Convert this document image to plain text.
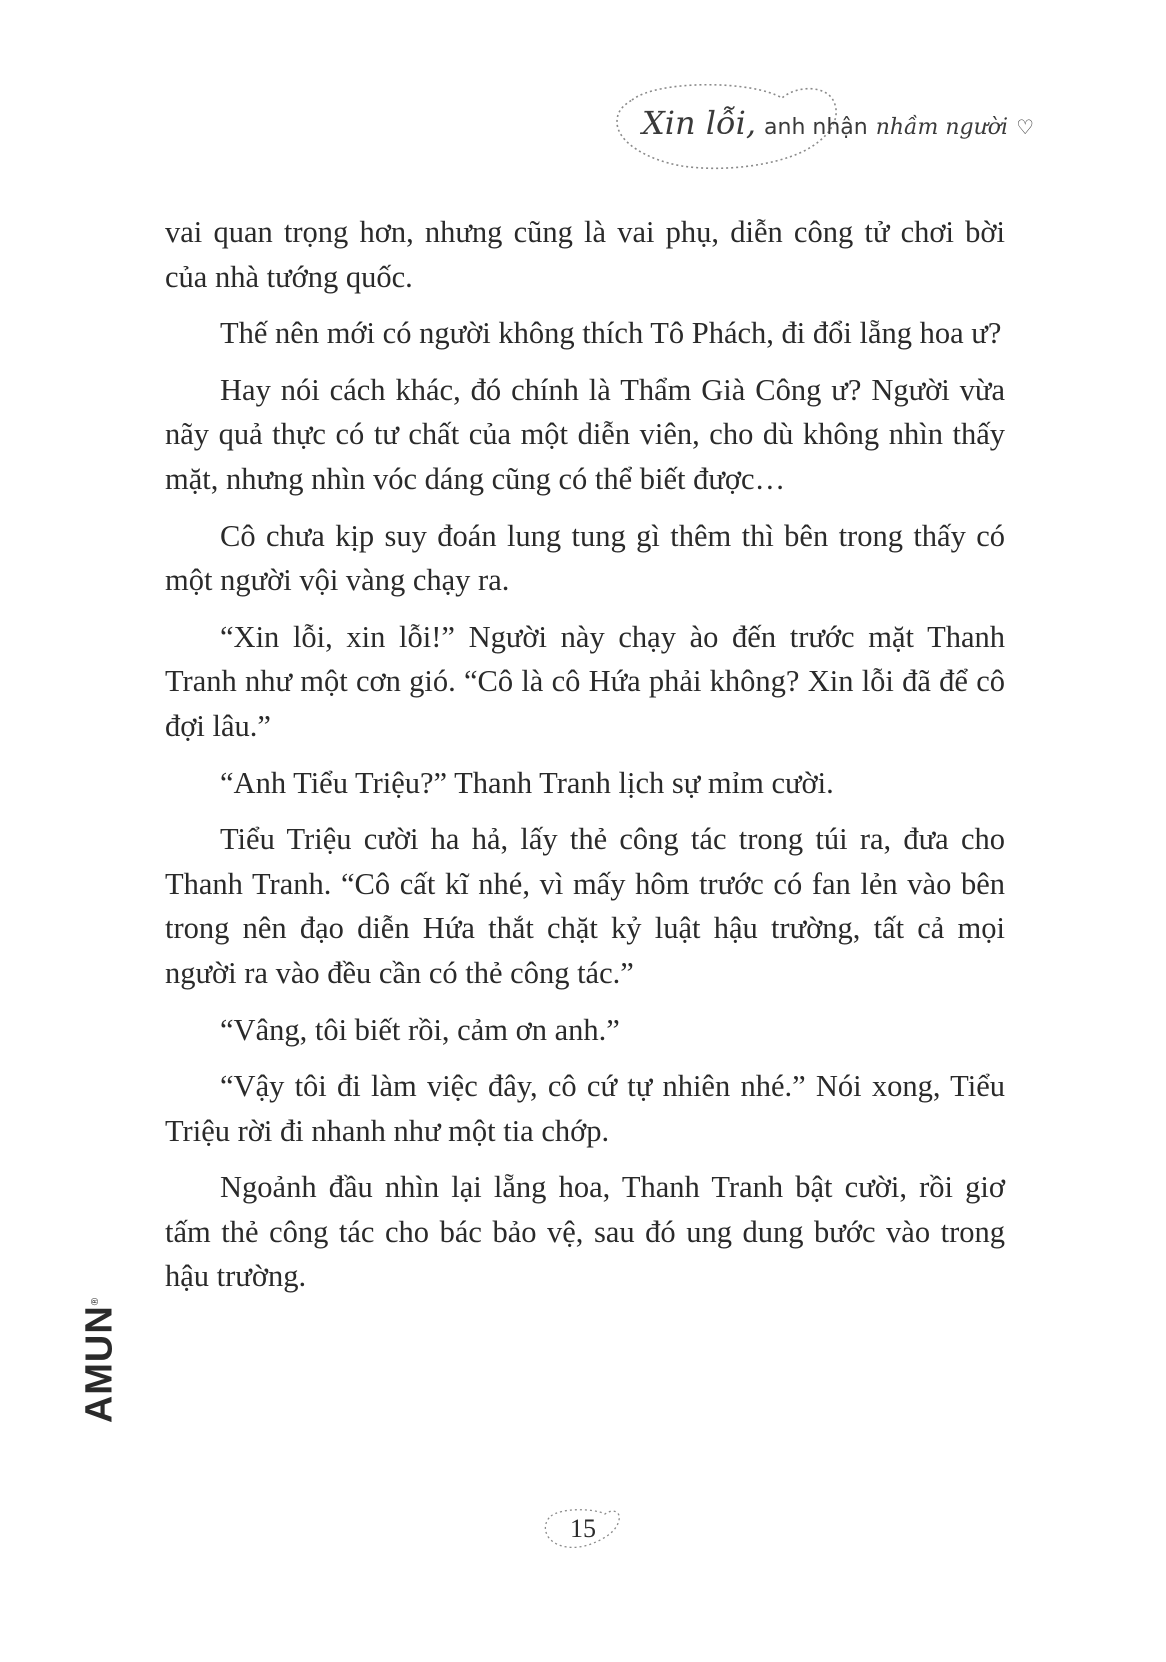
Xin lỗi, anh nhận nhầm người ♡

vai quan trọng hơn, nhưng cũng là vai phụ, diễn công tử chơi bời của nhà tướng quốc.

Thế nên mới có người không thích Tô Phách, đi đổi lẵng hoa ư?

Hay nói cách khác, đó chính là Thẩm Già Công ư? Người vừa nãy quả thực có tư chất của một diễn viên, cho dù không nhìn thấy mặt, nhưng nhìn vóc dáng cũng có thể biết được…

Cô chưa kịp suy đoán lung tung gì thêm thì bên trong thấy có một người vội vàng chạy ra.

“Xin lỗi, xin lỗi!” Người này chạy ào đến trước mặt Thanh Tranh như một cơn gió. “Cô là cô Hứa phải không? Xin lỗi đã để cô đợi lâu.”

“Anh Tiểu Triệu?” Thanh Tranh lịch sự mỉm cười.

Tiểu Triệu cười ha hả, lấy thẻ công tác trong túi ra, đưa cho Thanh Tranh. “Cô cất kĩ nhé, vì mấy hôm trước có fan lẻn vào bên trong nên đạo diễn Hứa thắt chặt kỷ luật hậu trường, tất cả mọi người ra vào đều cần có thẻ công tác.”

“Vâng, tôi biết rồi, cảm ơn anh.”

“Vậy tôi đi làm việc đây, cô cứ tự nhiên nhé.” Nói xong, Tiểu Triệu rời đi nhanh như một tia chớp.

Ngoảnh đầu nhìn lại lẵng hoa, Thanh Tranh bật cười, rồi giơ tấm thẻ công tác cho bác bảo vệ, sau đó ung dung bước vào trong hậu trường.

AMUN®
15
